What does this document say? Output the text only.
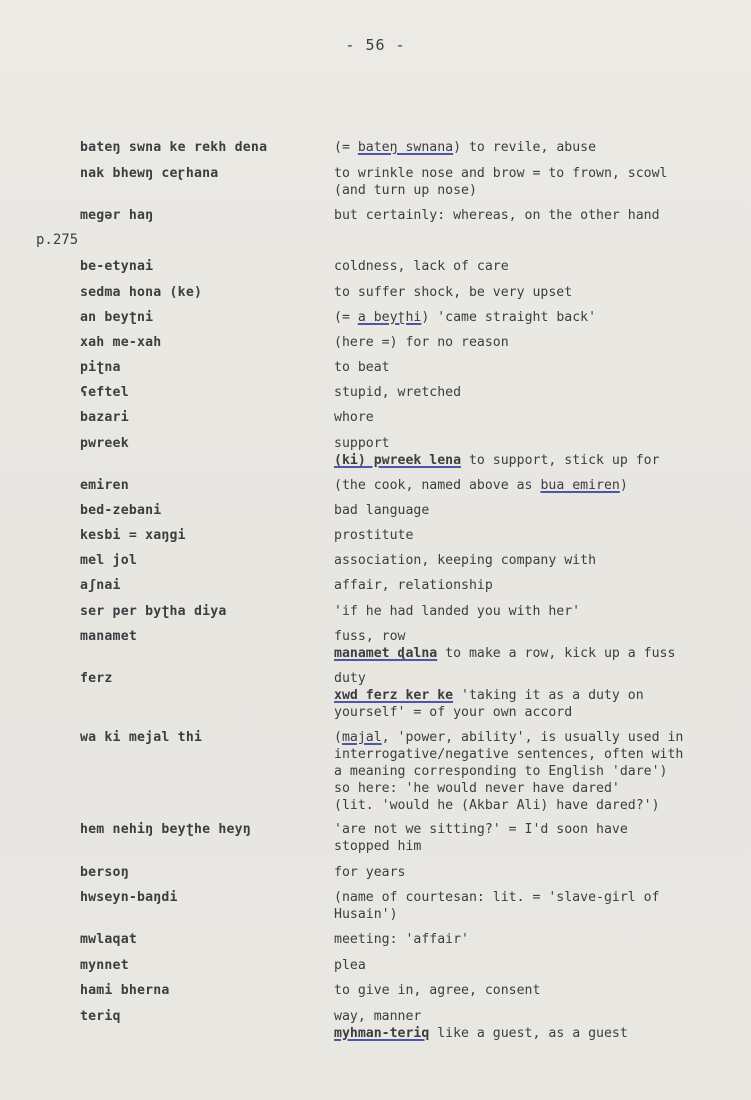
- 56 -
p.275
bateŋ swna ke rekh dena	(= bateŋ swnana) to revile, abuse
nak bhewŋ ceɽhana	to wrinkle nose and brow = to frown, scowl
(and turn up nose)
megər haŋ	but certainly: whereas, on the other hand
be-etynai	coldness, lack of care
sedma hona (ke)	to suffer shock, be very upset
an beyʈni	(= a beyʈhi) 'came straight back'
xah me-xah	(here =) for no reason
piʈna	to beat
ʕeftel	stupid, wretched
bazari	whore
pwreek	support
(ki) pwreek lena to support, stick up for
emiren	(the cook, named above as bua emiren)
bed-zebani	bad language
kesbi = xaŋgi	prostitute
mel jol	association, keeping company with
aʃnai	affair, relationship
ser per byʈha diya	'if he had landed you with her'
manamet	fuss, row
manamet ɖalna to make a row, kick up a fuss
ferz	duty
xwd ferz ker ke 'taking it as a duty on
yourself' = of your own accord
wa ki mejal thi	(majal, 'power, ability', is usually used in
interrogative/negative sentences, often with
a meaning corresponding to English 'dare')
so here: 'he would never have dared'
(lit. 'would he (Akbar Ali) have dared?')
hem nehiŋ beyʈhe heyŋ	'are not we sitting?' = I'd soon have
stopped him
bersoŋ	for years
hwseyn-baŋdi	(name of courtesan: lit. = 'slave-girl of
Husain')
mwlaqat	meeting: 'affair'
mynnet	plea
hami bherna	to give in, agree, consent
teriq	way, manner
myhman-teriq like a guest, as a guest
